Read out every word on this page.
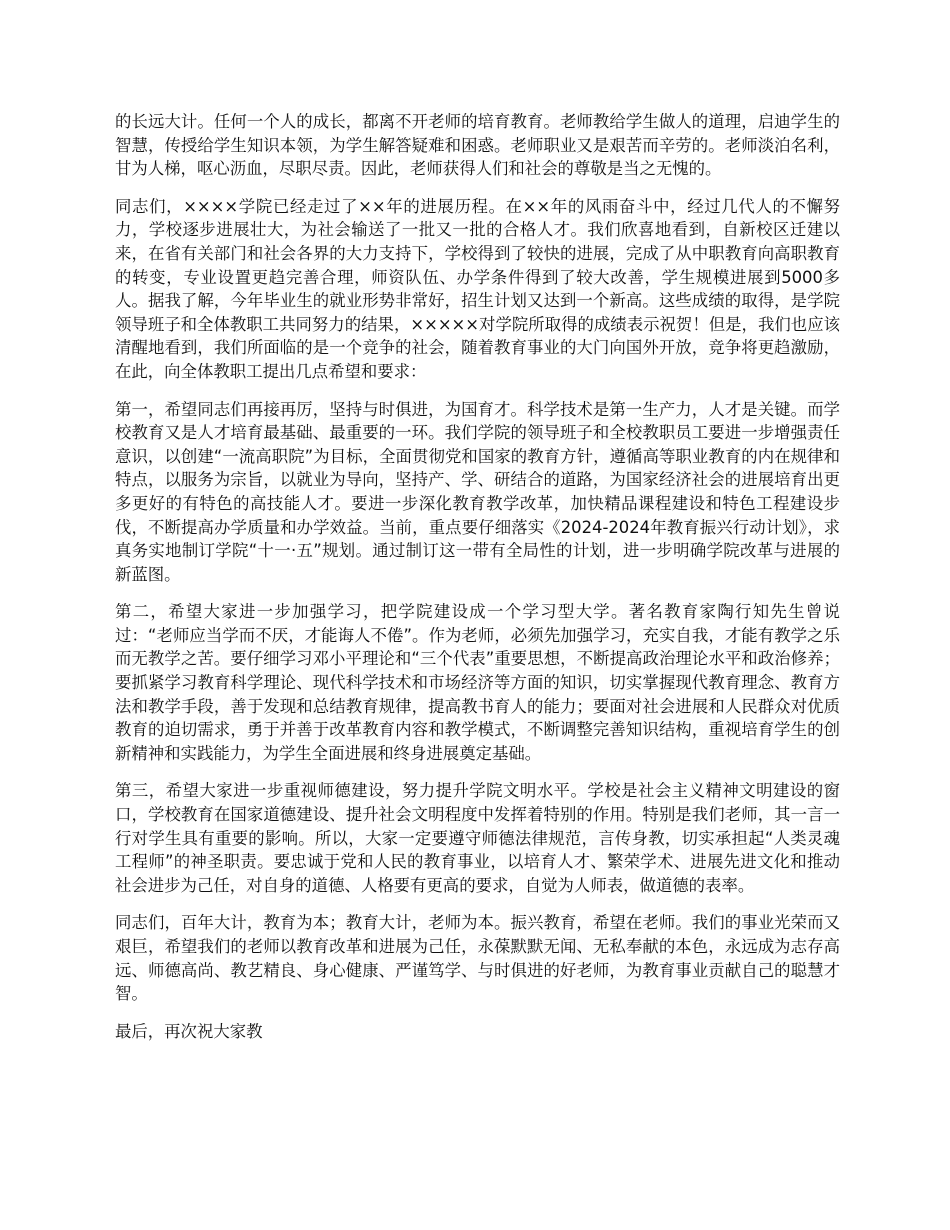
的长远大计。任何一个人的成长，都离不开老师的培育教育。老师教给学生做人的道理，启迪学生的智慧，传授给学生知识本领，为学生解答疑难和困惑。老师职业又是艰苦而辛劳的。老师淡泊名利，甘为人梯，呕心沥血，尽职尽责。因此，老师获得人们和社会的尊敬是当之无愧的。

同志们，××××学院已经走过了××年的进展历程。在××年的风雨奋斗中，经过几代人的不懈努力，学校逐步进展壮大，为社会输送了一批又一批的合格人才。我们欣喜地看到，自新校区迁建以来，在省有关部门和社会各界的大力支持下，学校得到了较快的进展，完成了从中职教育向高职教育的转变，专业设置更趋完善合理，师资队伍、办学条件得到了较大改善，学生规模进展到5000多人。据我了解，今年毕业生的就业形势非常好，招生计划又达到一个新高。这些成绩的取得，是学院领导班子和全体教职工共同努力的结果，×××××对学院所取得的成绩表示祝贺！但是，我们也应该清醒地看到，我们所面临的是一个竞争的社会，随着教育事业的大门向国外开放，竞争将更趋激励，在此，向全体教职工提出几点希望和要求：

第一，希望同志们再接再厉，坚持与时俱进，为国育才。科学技术是第一生产力，人才是关键。而学校教育又是人才培育最基础、最重要的一环。我们学院的领导班子和全校教职员工要进一步增强责任意识，以创建“一流高职院”为目标，全面贯彻党和国家的教育方针，遵循高等职业教育的内在规律和特点，以服务为宗旨，以就业为导向，坚持产、学、研结合的道路，为国家经济社会的进展培育出更多更好的有特色的高技能人才。要进一步深化教育教学改革，加快精品课程建设和特色工程建设步伐，不断提高办学质量和办学效益。当前，重点要仔细落实《2024-2024年教育振兴行动计划》，求真务实地制订学院“十一·五”规划。通过制订这一带有全局性的计划，进一步明确学院改革与进展的新蓝图。

第二，希望大家进一步加强学习，把学院建设成一个学习型大学。著名教育家陶行知先生曾说过：“老师应当学而不厌，才能诲人不倦”。作为老师，必须先加强学习，充实自我，才能有教学之乐而无教学之苦。要仔细学习邓小平理论和“三个代表”重要思想，不断提高政治理论水平和政治修养；要抓紧学习教育科学理论、现代科学技术和市场经济等方面的知识，切实掌握现代教育理念、教育方法和教学手段，善于发现和总结教育规律，提高教书育人的能力；要面对社会进展和人民群众对优质教育的迫切需求，勇于并善于改革教育内容和教学模式，不断调整完善知识结构，重视培育学生的创新精神和实践能力，为学生全面进展和终身进展奠定基础。

第三，希望大家进一步重视师德建设，努力提升学院文明水平。学校是社会主义精神文明建设的窗口，学校教育在国家道德建设、提升社会文明程度中发挥着特别的作用。特别是我们老师，其一言一行对学生具有重要的影响。所以，大家一定要遵守师德法律规范，言传身教，切实承担起“人类灵魂工程师”的神圣职责。要忠诚于党和人民的教育事业，以培育人才、繁荣学术、进展先进文化和推动社会进步为己任，对自身的道德、人格要有更高的要求，自觉为人师表，做道德的表率。

同志们，百年大计，教育为本；教育大计，老师为本。振兴教育，希望在老师。我们的事业光荣而又艰巨，希望我们的老师以教育改革和进展为己任，永葆默默无闻、无私奉献的本色，永远成为志存高远、师德高尚、教艺精良、身心健康、严谨笃学、与时俱进的好老师，为教育事业贡献自己的聪慧才智。

最后，再次祝大家教
